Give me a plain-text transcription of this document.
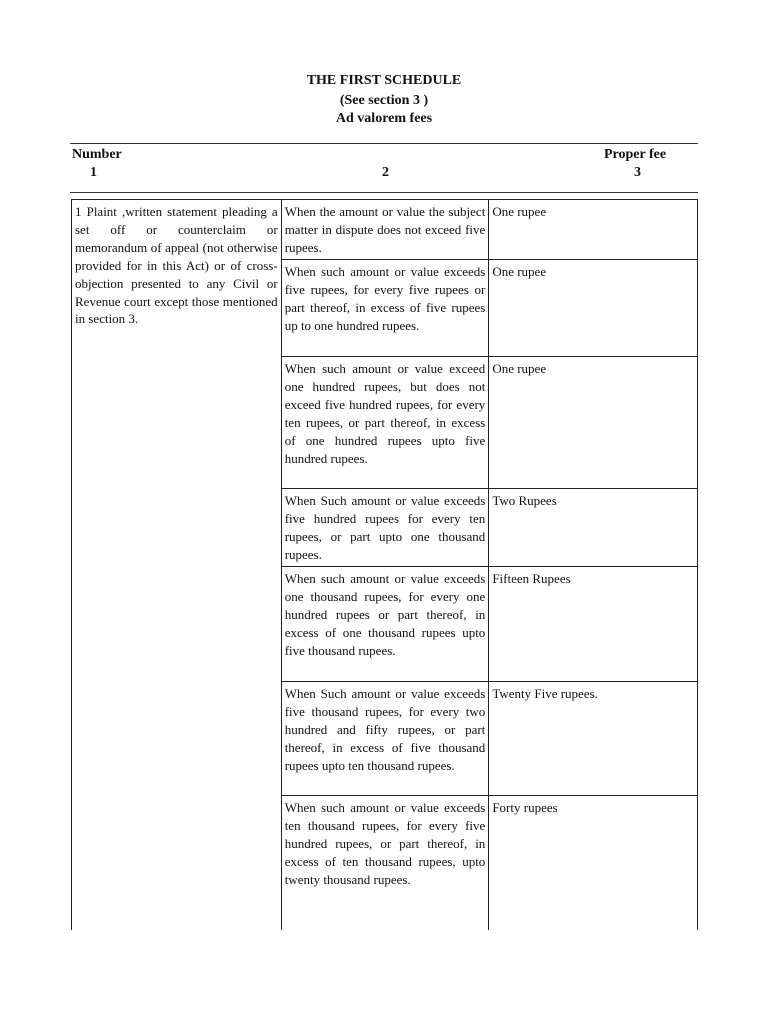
THE FIRST SCHEDULE
(See section 3 )
Ad valorem fees
Number
1	2
Proper fee
3
1 Plaint ,written statement pleading a set off or counterclaim or memorandum of appeal (not otherwise provided for in this Act) or of cross-objection presented to any Civil or Revenue court except those mentioned in section 3.	When the amount or value the subject matter in dispute does not exceed five rupees.	One rupee
	When such amount or value exceeds five rupees, for every five rupees or part thereof, in excess of five rupees up to one hundred rupees.	One rupee
	When such amount or value exceed one hundred rupees, but does not exceed five hundred rupees, for every ten rupees, or part thereof, in excess of one hundred rupees upto five hundred rupees.	One rupee
	When Such amount or value exceeds five hundred rupees for every ten rupees, or part upto one thousand rupees.	Two Rupees
	When such amount or value exceeds one thousand rupees, for every one hundred rupees or part thereof, in excess of one thousand rupees upto five thousand rupees.	Fifteen Rupees
	When Such amount or value exceeds five thousand rupees, for every two hundred and fifty rupees, or part thereof, in excess of five thousand rupees upto ten thousand rupees.	Twenty Five rupees.
	When such amount or value exceeds ten thousand rupees, for every five hundred rupees, or part thereof, in excess of ten thousand rupees, upto twenty thousand rupees.	Forty rupees
